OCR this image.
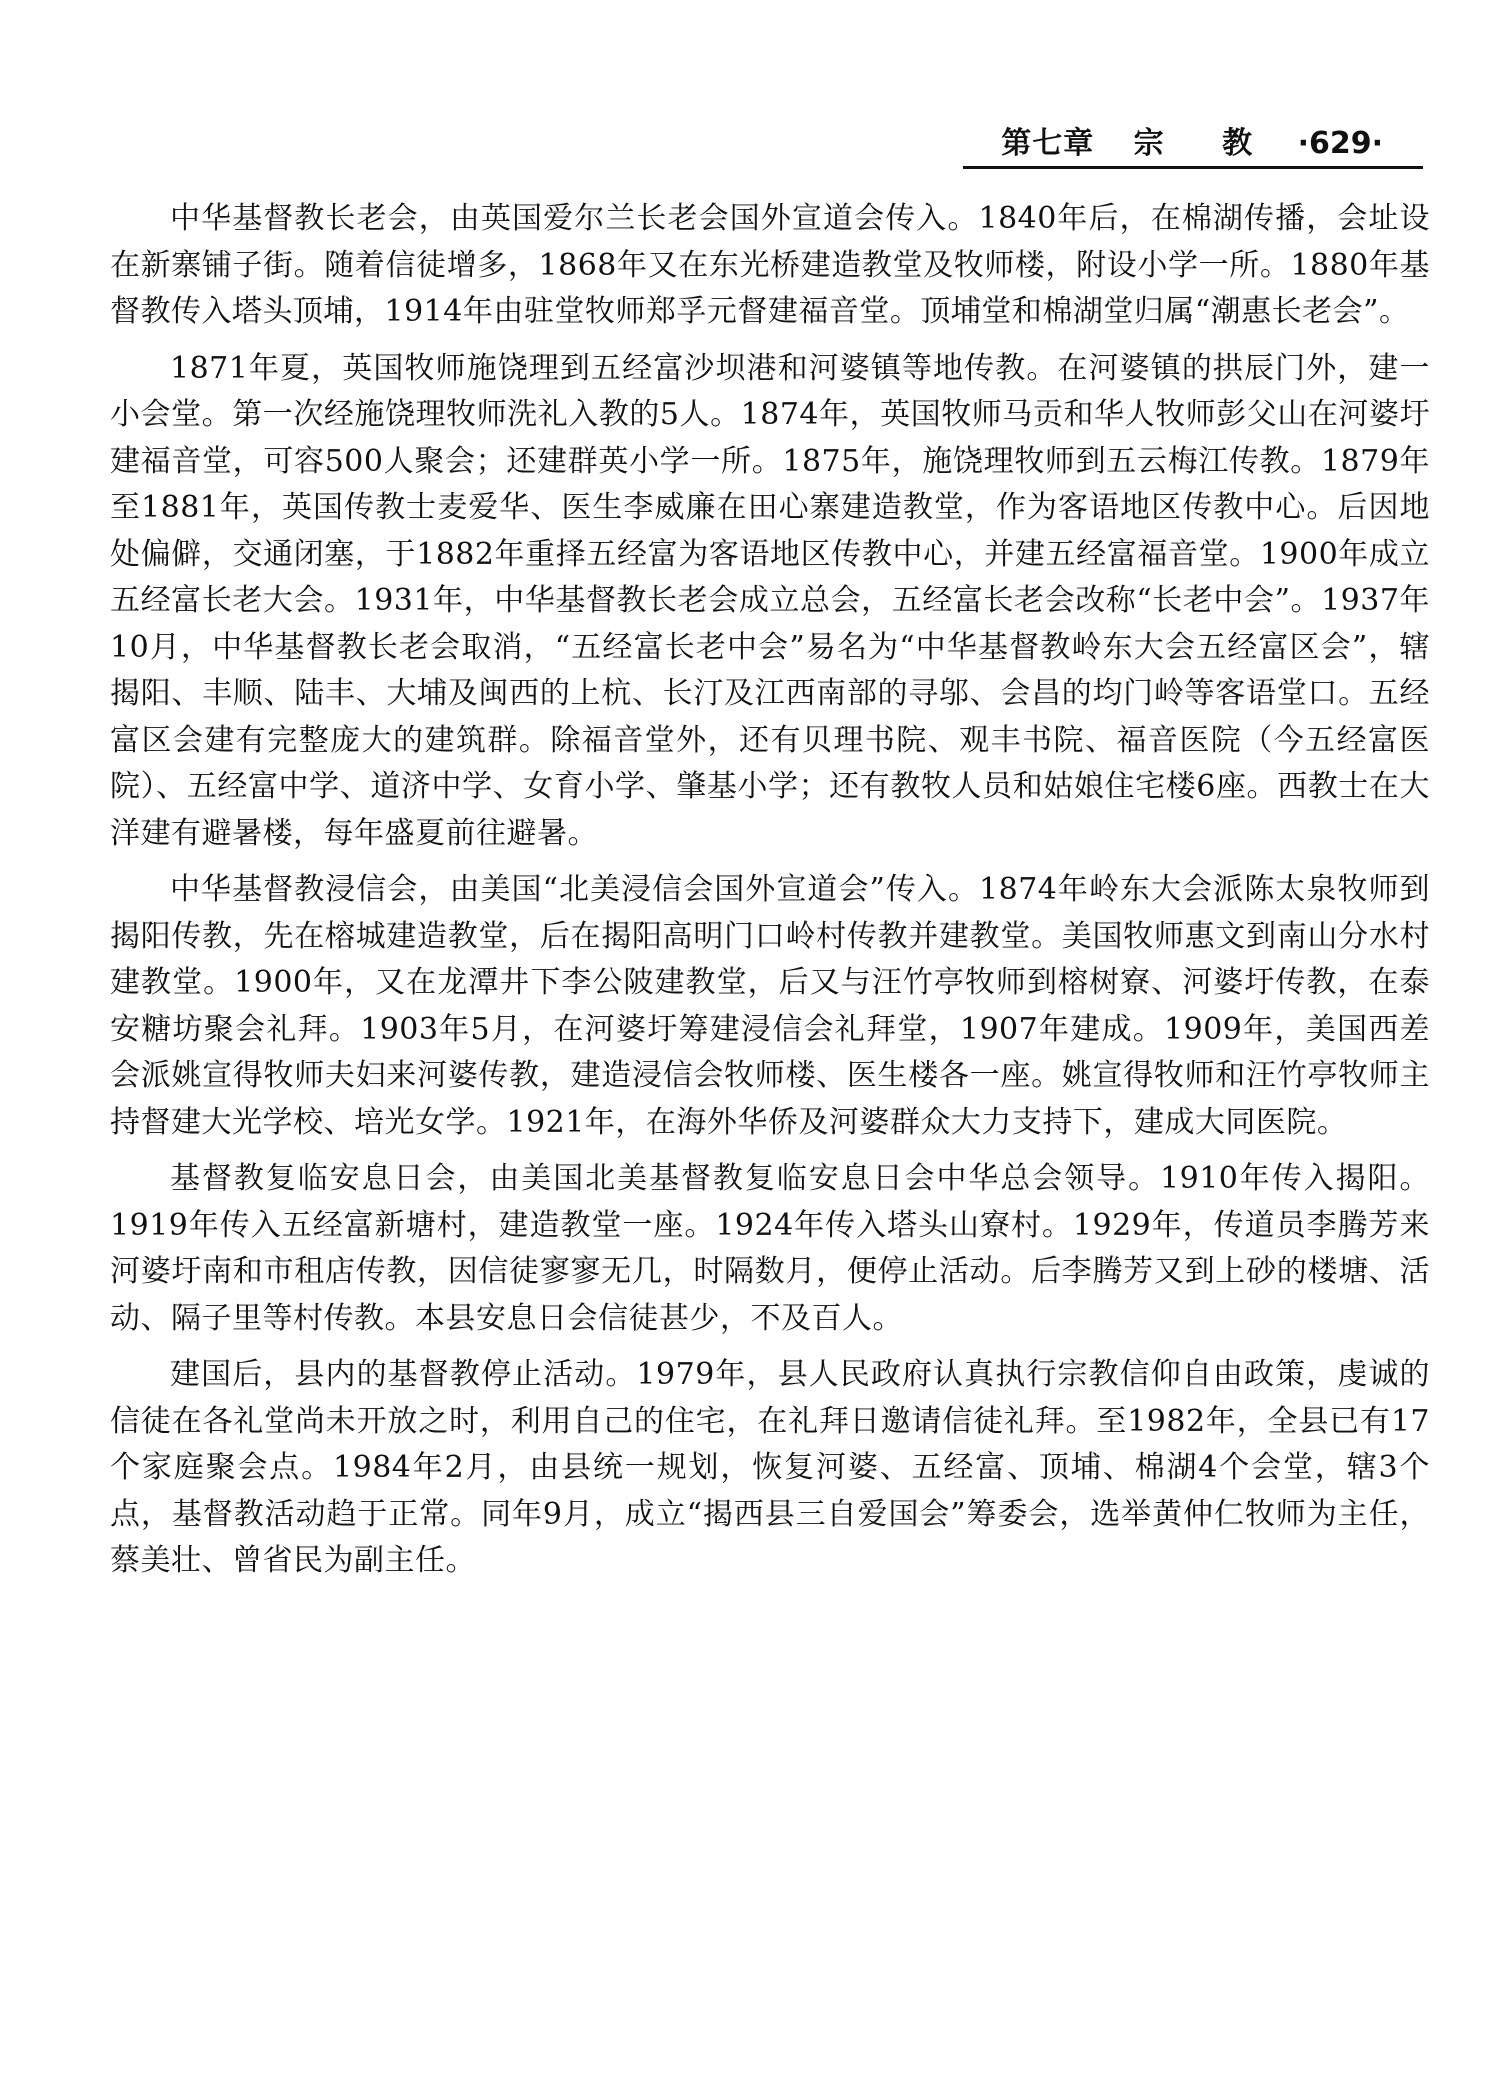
第七章 宗 教 ·629·

中华基督教长老会，由英国爱尔兰长老会国外宣道会传入。1840年后，在棉湖传播，会址设在新寨铺子街。随着信徒增多，1868年又在东光桥建造教堂及牧师楼，附设小学一所。1880年基督教传入塔头顶埔，1914年由驻堂牧师郑孚元督建福音堂。顶埔堂和棉湖堂归属“潮惠长老会”。

1871年夏，英国牧师施饶理到五经富沙坝港和河婆镇等地传教。在河婆镇的拱辰门外，建一小会堂。第一次经施饶理牧师洗礼入教的5人。1874年，英国牧师马贡和华人牧师彭父山在河婆圩建福音堂，可容500人聚会；还建群英小学一所。1875年，施饶理牧师到五云梅江传教。1879年至1881年，英国传教士麦爱华、医生李威廉在田心寨建造教堂，作为客语地区传教中心。后因地处偏僻，交通闭塞，于1882年重择五经富为客语地区传教中心，并建五经富福音堂。1900年成立五经富长老大会。1931年，中华基督教长老会成立总会，五经富长老会改称“长老中会”。1937年10月，中华基督教长老会取消，“五经富长老中会”易名为“中华基督教岭东大会五经富区会”，辖揭阳、丰顺、陆丰、大埔及闽西的上杭、长汀及江西南部的寻邬、会昌的均门岭等客语堂口。五经富区会建有完整庞大的建筑群。除福音堂外，还有贝理书院、观丰书院、福音医院（今五经富医院）、五经富中学、道济中学、女育小学、肇基小学；还有教牧人员和姑娘住宅楼6座。西教士在大洋建有避暑楼，每年盛夏前往避暑。

中华基督教浸信会，由美国“北美浸信会国外宣道会”传入。1874年岭东大会派陈太泉牧师到揭阳传教，先在榕城建造教堂，后在揭阳高明门口岭村传教并建教堂。美国牧师惠文到南山分水村建教堂。1900年，又在龙潭井下李公陂建教堂，后又与汪竹亭牧师到榕树寮、河婆圩传教，在泰安糖坊聚会礼拜。1903年5月，在河婆圩筹建浸信会礼拜堂，1907年建成。1909年，美国西差会派姚宣得牧师夫妇来河婆传教，建造浸信会牧师楼、医生楼各一座。姚宣得牧师和汪竹亭牧师主持督建大光学校、培光女学。1921年，在海外华侨及河婆群众大力支持下，建成大同医院。

基督教复临安息日会，由美国北美基督教复临安息日会中华总会领导。1910年传入揭阳。1919年传入五经富新塘村，建造教堂一座。1924年传入塔头山寮村。1929年，传道员李腾芳来河婆圩南和市租店传教，因信徒寥寥无几，时隔数月，便停止活动。后李腾芳又到上砂的楼塘、活动、隔子里等村传教。本县安息日会信徒甚少，不及百人。

建国后，县内的基督教停止活动。1979年，县人民政府认真执行宗教信仰自由政策，虔诚的信徒在各礼堂尚未开放之时，利用自己的住宅，在礼拜日邀请信徒礼拜。至1982年，全县已有17个家庭聚会点。1984年2月，由县统一规划，恢复河婆、五经富、顶埔、棉湖4个会堂，辖3个点，基督教活动趋于正常。同年9月，成立“揭西县三自爱国会”筹委会，选举黄仲仁牧师为主任，蔡美壮、曾省民为副主任。
